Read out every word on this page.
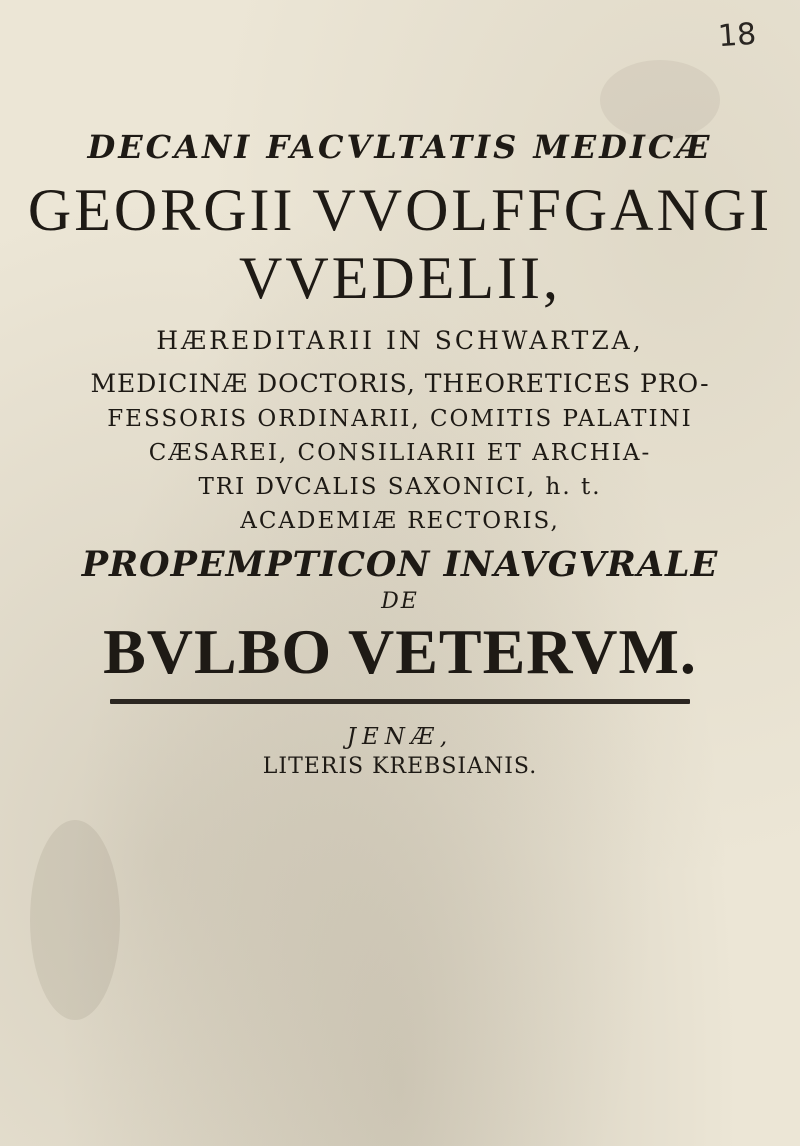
18
DECANI FACVLTATIS MEDICÆ
GEORGII VVOLFFGANGI
VVEDELII,
HÆREDITARII IN SCHWARTZA,
MEDICINÆ DOCTORIS, THEORETICES PRO-
FESSORIS ORDINARII, COMITIS PALATINI
CÆSAREI, CONSILIARII ET ARCHIA-
TRI DVCALIS SAXONICI, h. t.
ACADEMIÆ RECTORIS,
PROPEMPTICON INAVGVRALE
DE
BVLBO VETERVM.
JENÆ,
LITERIS KREBSIANIS.
